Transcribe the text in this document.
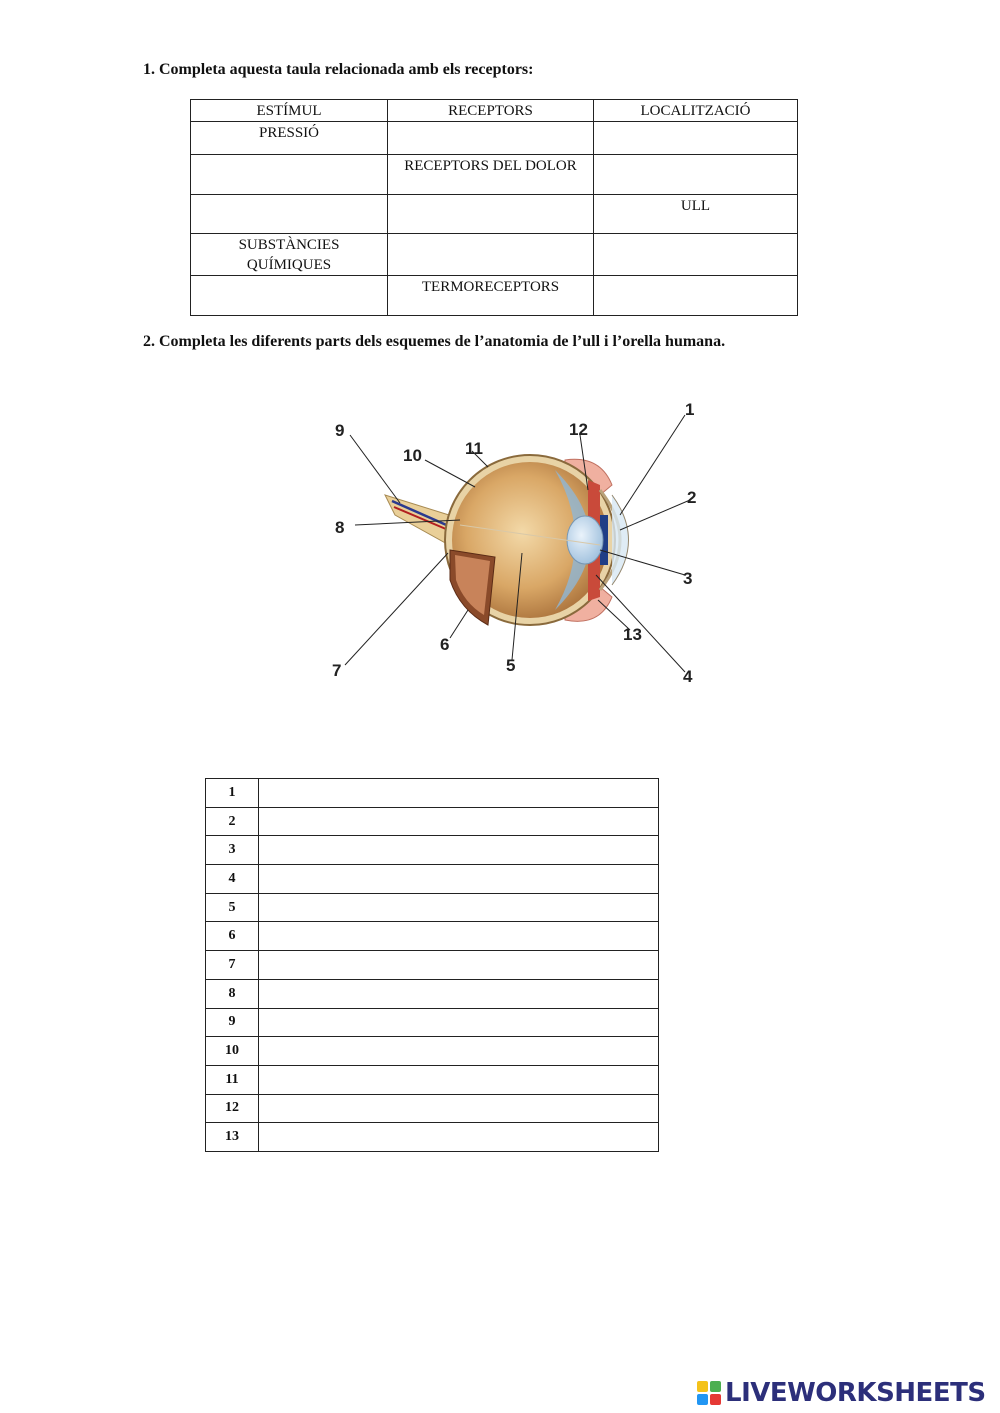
1. Completa aquesta taula relacionada amb els receptors:
ESTÍMUL	RECEPTORS	LOCALITZACIÓ
PRESSIÓ		
	RECEPTORS DEL DOLOR	
		ULL
SUBSTÀNCIES QUÍMIQUES		
	TERMORECEPTORS	
2. Completa les diferents parts dels esquemes de l’anatomia de l’ull i l’orella humana.
1
2
3
4
5
6
7
8
9
10	11
12
13
1	
2	
3	
4	
5	
6	
7	
8	
9	
10	
11	
12	
13	
LIVEWORKSHEETS
